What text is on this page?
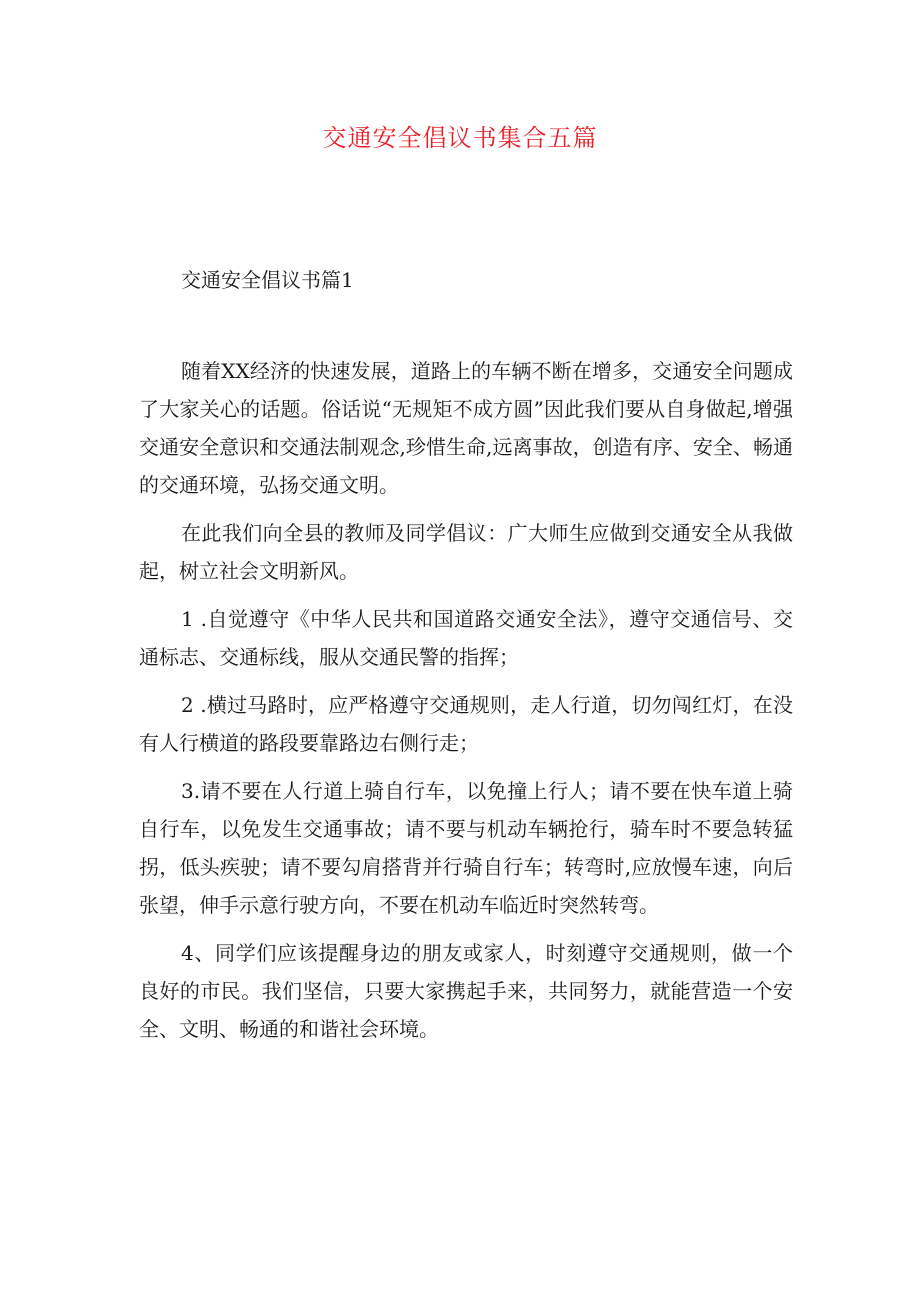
交通安全倡议书集合五篇

交通安全倡议书篇1

随着XX经济的快速发展，道路上的车辆不断在增多，交通安全问题成了大家关心的话题。俗话说“无规矩不成方圆”因此我们要从自身做起,增强交通安全意识和交通法制观念,珍惜生命,远离事故，创造有序、安全、畅通的交通环境，弘扬交通文明。

在此我们向全县的教师及同学倡议：广大师生应做到交通安全从我做起，树立社会文明新风。

1 .自觉遵守《中华人民共和国道路交通安全法》，遵守交通信号、交通标志、交通标线，服从交通民警的指挥；

2 .横过马路时，应严格遵守交通规则，走人行道，切勿闯红灯，在没有人行横道的路段要靠路边右侧行走；

3.请不要在人行道上骑自行车，以免撞上行人；请不要在快车道上骑自行车，以免发生交通事故；请不要与机动车辆抢行，骑车时不要急转猛拐，低头疾驶；请不要勾肩搭背并行骑自行车；转弯时,应放慢车速，向后张望，伸手示意行驶方向，不要在机动车临近时突然转弯。

4、同学们应该提醒身边的朋友或家人，时刻遵守交通规则，做一个良好的市民。我们坚信，只要大家携起手来，共同努力，就能营造一个安全、文明、畅通的和谐社会环境。
